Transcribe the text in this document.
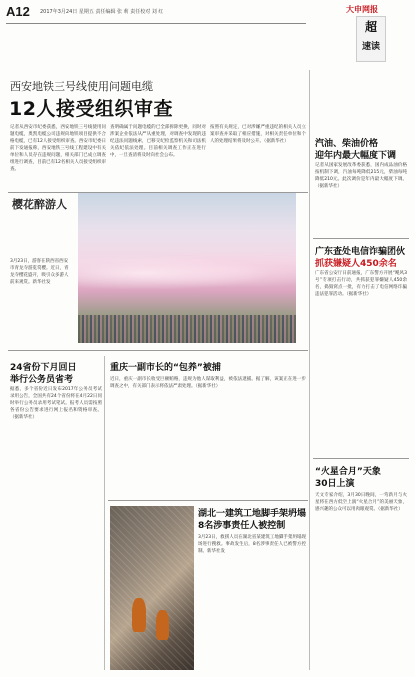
A12 2017年3月24日 星期五 责任编辑 张 莉 责任校对 刘 红	大申网报
超
速读
西安地铁三号线使用问题电缆
12人接受组织审查
记者从西安市纪委获悉，西安地铁三号线使用问题电缆，奥凯电缆公司违规向地铁项目提供不合格电缆，已有12人接受组织审查。西安市纪委日前下发通报称，西安地铁三号线工程建设中有关单位和人员存在违规问题，相关部门已成立调查组进行调查，目前已有12名相关人员接受组织审查。
查明确属于问题电缆的已全部拆除更换，同时对涉案企业依法从严从重处理，对调查中发现的违纪违法问题线索，已移交纪检监察机关和司法机关依纪依法处理。目前相关调查工作正在进行中，一旦查清将及时向社会公布。
按照有关规定，已对涉嫌严重违纪的相关人员立案审查并采取了相应措施，对相关责任单位和个人的处理结果将及时公开。（据新华社）
樱花醉游人
3月23日，游客在陕西省西安市青龙寺游览赏樱。近日，青龙寺樱花盛开，吸引众多游人前来观赏。新华社发
汽油、柴油价格
迎年内最大幅度下调
记者从国家发展改革委获悉，国内成品油价格按机制下调，汽油每吨降低215元，柴油每吨降低210元。此次调价是年内最大幅度下调。（据新华社）
广东查处电信诈骗团伙
抓获嫌疑人450余名
广东省公安厅日前通报，广东警方开展“飓风3号”专项打击行动，共抓获犯罪嫌疑人450余名，捣毁窝点一批，有力打击了电信网络诈骗违法犯罪活动。（据新华社）
“火星合月”天象
30日上演
天文专家介绍，3月30日晚间，一弯新月与火星将在西方低空上演“火星合月”的美丽天象，感兴趣的公众可以用肉眼观赏。（据新华社）
24省份下月回日
举行公务员省考
据悉，多个省份近日发布2017年公务员考试录用公告，全国共有24个省份将在4月22日同时举行公务员录用考试笔试。报考人员需按照各省份公告要求进行网上报名和资格审查。（据新华社）
重庆一副市长的“包养”被捕
近日，重庆一副市长收受巨额贿赂，违规为他人谋取利益，被依法逮捕。据了解，该案正在进一步调查之中，有关部门表示将依法严肃处理。（据新华社）
湖北一建筑工地脚手架坍塌
8名涉事责任人被控制
3月23日，救援人员在湖北省某建筑工地脚手架坍塌现场进行搜救。事故发生后，8名涉事责任人已被警方控制。新华社发
